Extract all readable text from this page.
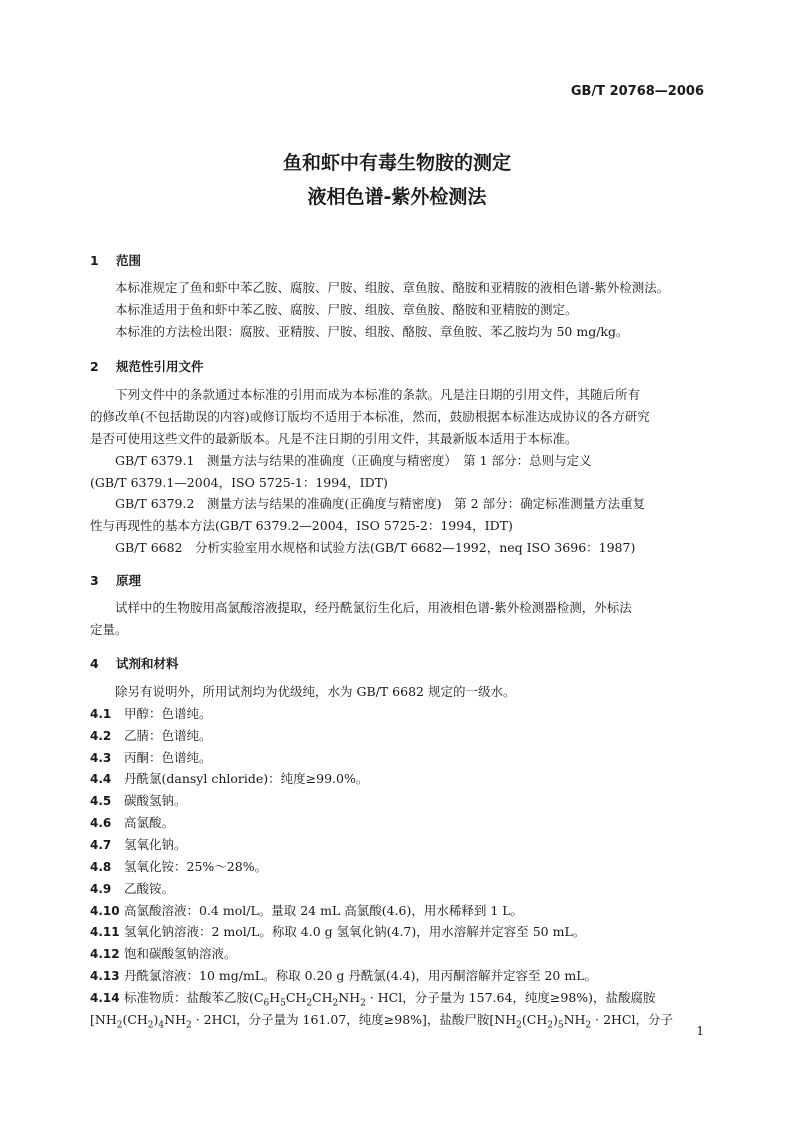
GB/T 20768—2006
鱼和虾中有毒生物胺的测定
液相色谱-紫外检测法
1 范围
本标准规定了鱼和虾中苯乙胺、腐胺、尸胺、组胺、章鱼胺、酪胺和亚精胺的液相色谱-紫外检测法。
本标准适用于鱼和虾中苯乙胺、腐胺、尸胺、组胺、章鱼胺、酪胺和亚精胺的测定。
本标准的方法检出限：腐胺、亚精胺、尸胺、组胺、酪胺、章鱼胺、苯乙胺均为 50 mg/kg。
2 规范性引用文件
下列文件中的条款通过本标准的引用而成为本标准的条款。凡是注日期的引用文件，其随后所有
的修改单(不包括勘误的内容)或修订版均不适用于本标准，然而，鼓励根据本标准达成协议的各方研究
是否可使用这些文件的最新版本。凡是不注日期的引用文件，其最新版本适用于本标准。
GB/T 6379.1　测量方法与结果的准确度（正确度与精密度）　第 1 部分：总则与定义
(GB/T 6379.1—2004，ISO 5725-1：1994，IDT)
GB/T 6379.2　测量方法与结果的准确度(正确度与精密度)　第 2 部分：确定标准测量方法重复
性与再现性的基本方法(GB/T 6379.2—2004，ISO 5725-2：1994，IDT)
GB/T 6682　分析实验室用水规格和试验方法(GB/T 6682—1992，neq ISO 3696：1987)
3 原理
试样中的生物胺用高氯酸溶液提取，经丹酰氯衍生化后，用液相色谱-紫外检测器检测，外标法
定量。
4 试剂和材料
除另有说明外，所用试剂均为优级纯，水为 GB/T 6682 规定的一级水。
4.1 甲醇：色谱纯。
4.2 乙腈：色谱纯。
4.3 丙酮：色谱纯。
4.4 丹酰氯(dansyl chloride)：纯度≥99.0%。
4.5 碳酸氢钠。
4.6 高氯酸。
4.7 氢氧化钠。
4.8 氢氧化铵：25%～28%。
4.9 乙酸铵。
4.10 高氯酸溶液：0.4 mol/L。量取 24 mL 高氯酸(4.6)，用水稀释到 1 L。
4.11 氢氧化钠溶液：2 mol/L。称取 4.0 g 氢氧化钠(4.7)，用水溶解并定容至 50 mL。
4.12 饱和碳酸氢钠溶液。
4.13 丹酰氯溶液：10 mg/mL。称取 0.20 g 丹酰氯(4.4)，用丙酮溶解并定容至 20 mL。
4.14 标准物质：盐酸苯乙胺($C_6H_5CH_2CH_2NH_2$ · HCl，分子量为 157.64，纯度≥98%)，盐酸腐胺
[$NH_2(CH_2)_4NH_2 \cdot 2HCl$，分子量为 161.07，纯度≥98%]，盐酸尸胺[$NH_2(CH_2)_5NH_2 \cdot 2HCl$，分子
1
